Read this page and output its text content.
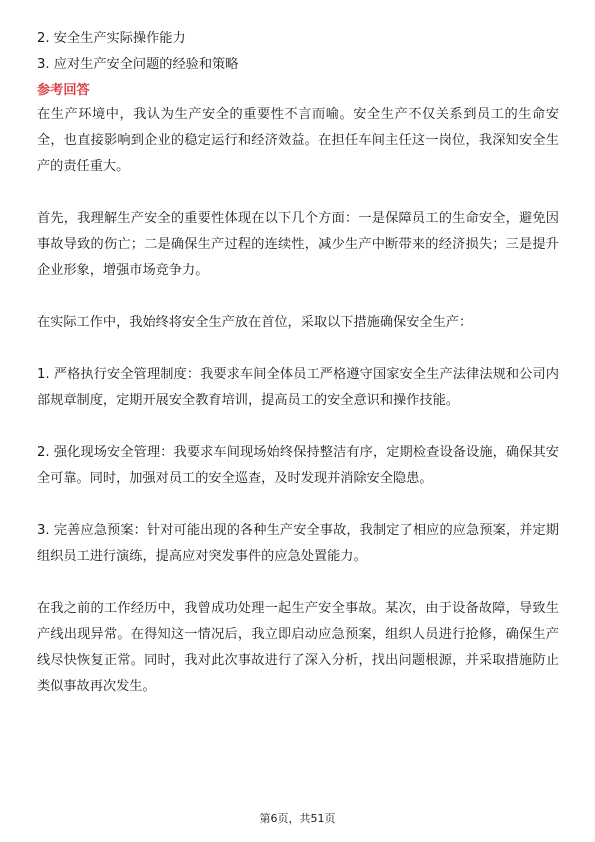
2. 安全生产实际操作能力
3. 应对生产安全问题的经验和策略
参考回答

在生产环境中，我认为生产安全的重要性不言而喻。安全生产不仅关系到员工的生命安全，也直接影响到企业的稳定运行和经济效益。在担任车间主任这一岗位，我深知安全生产的责任重大。

首先，我理解生产安全的重要性体现在以下几个方面：一是保障员工的生命安全，避免因事故导致的伤亡；二是确保生产过程的连续性，减少生产中断带来的经济损失；三是提升企业形象，增强市场竞争力。

在实际工作中，我始终将安全生产放在首位，采取以下措施确保安全生产：

1. 严格执行安全管理制度：我要求车间全体员工严格遵守国家安全生产法律法规和公司内部规章制度，定期开展安全教育培训，提高员工的安全意识和操作技能。

2. 强化现场安全管理：我要求车间现场始终保持整洁有序，定期检查设备设施，确保其安全可靠。同时，加强对员工的安全巡查，及时发现并消除安全隐患。

3. 完善应急预案：针对可能出现的各种生产安全事故，我制定了相应的应急预案，并定期组织员工进行演练，提高应对突发事件的应急处置能力。

在我之前的工作经历中，我曾成功处理一起生产安全事故。某次，由于设备故障，导致生产线出现异常。在得知这一情况后，我立即启动应急预案，组织人员进行抢修，确保生产线尽快恢复正常。同时，我对此次事故进行了深入分析，找出问题根源，并采取措施防止类似事故再次发生。

第6页，共51页
